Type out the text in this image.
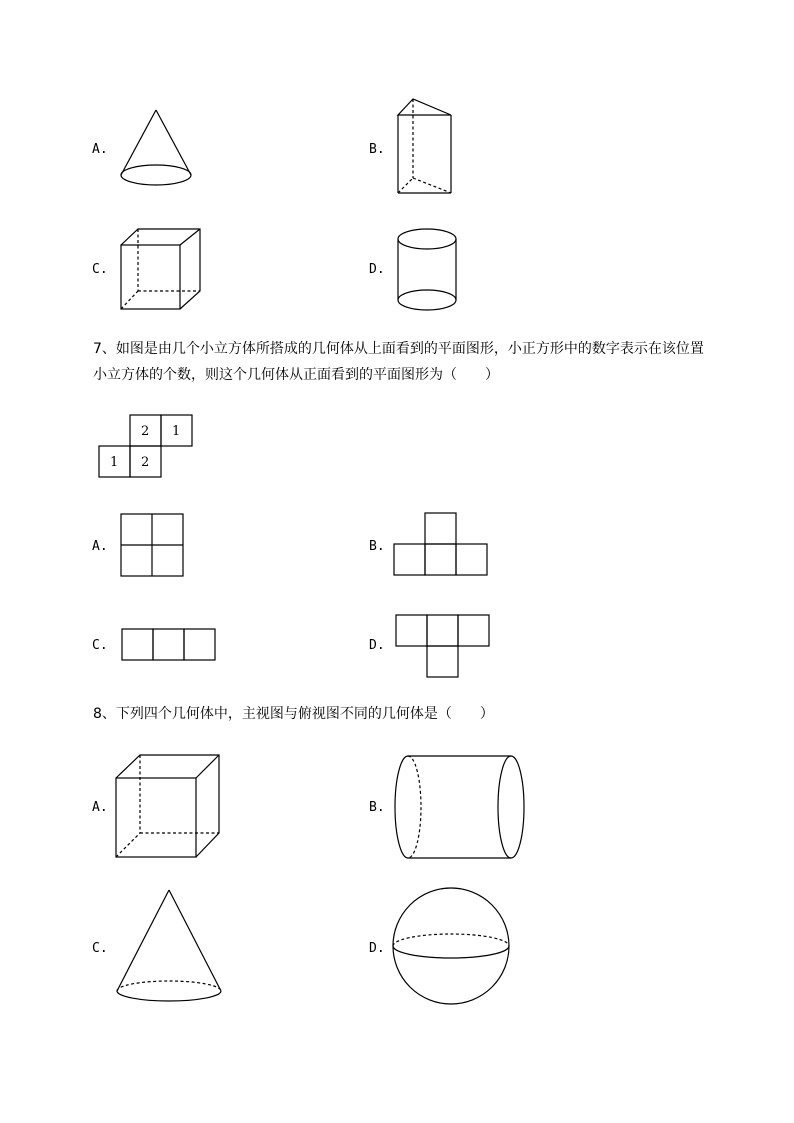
A.	B.
C.	D.
7、如图是由几个小立方体所搭成的几何体从上面看到的平面图形，小正方形中的数字表示在该位置
小立方体的个数，则这个几何体从正面看到的平面图形为（　　）
2 1
1 2
A.	B.
C.	D.
8、下列四个几何体中，主视图与俯视图不同的几何体是（　　）
A.	B.
C.	D.
